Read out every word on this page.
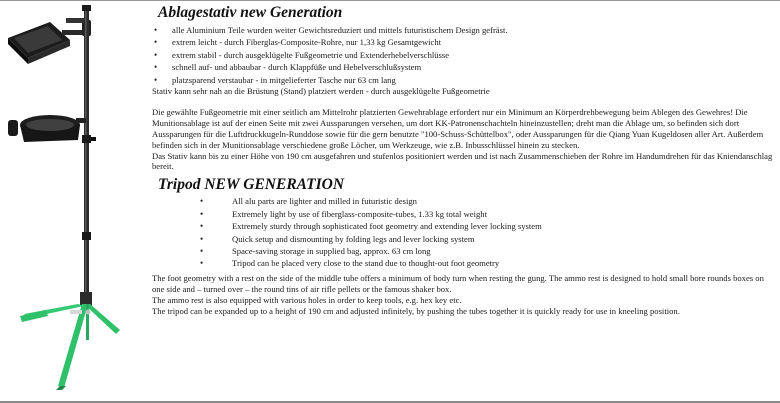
Ablagestativ new Generation
• alle Aluminium Teile wurden weiter Gewichtsreduziert und mittels futuristischem Design gefräst.
• extrem leicht - durch Fiberglas-Composite-Rohre, nur 1,33 kg Gesamtgewicht
• extrem stabil - durch ausgeklügelte Fußgeometrie und Extenderhebelverschlüsse
• schnell auf- und abbaubar - durch Klappfüße und Hebelverschlußsystem
• platzsparend verstaubar - in mitgelieferter Tasche nur 63 cm lang

Stativ kann sehr nah an die Brüstung (Stand) platziert werden - durch ausgeklügelte Fußgeometrie

Die gewählte Fußgeometrie mit einer seitlich am Mittelrohr platzierten Gewehrablage erfordert nur ein Minimum an Körperdrehbewegung beim Ablegen des Gewehres! Die Munitionsablage ist auf der einen Seite mit zwei Aussparungen versehen, um dort KK-Patronenschachteln hineinzustellen; dreht man die Ablage um, so befinden sich dort Aussparungen für die Luftdruckkugeln-Runddose sowie für die gern benutzte "100-Schuss-Schüttelbox", oder Aussparungen für die Qiang Yuan Kugeldosen aller Art. Außerdem befinden sich in der Munitionsablage verschiedene große Löcher, um Werkzeuge, wie z.B. Inbusschlüssel hinein zu stecken.

Das Stativ kann bis zu einer Höhe von 190 cm ausgefahren und stufenlos positioniert werden und ist nach Zusammenschieben der Rohre im Handumdrehen für das Kniendanschlag bereit.

Tripod NEW GENERATION
•	All alu parts are lighter and milled in futuristic design
•	Extremely light by use of fiberglass-composite-tubes, 1.33 kg total weight
•	Extremely sturdy through sophisticated foot geometry and extending lever locking system
•	Quick setup and dismounting by folding legs and lever locking system
•	Space-saving storage in supplied bag, approx. 63 cm long
•	Tripod can be placed very close to the stand due to thought-out foot geometry

The foot geometry with a rest on the side of the middle tube offers a minimum of body turn when resting the gung. The ammo rest is designed to hold small bore rounds boxes on one side and – turned over – the round tins of air rifle pellets or the famous shaker box.

The ammo rest is also equipped with various holes in order to keep tools, e.g. hex key etc.

The tripod can be expanded up to a height of 190 cm and adjusted infinitely, by pushing the tubes together it is quickly ready for use in kneeling position.
